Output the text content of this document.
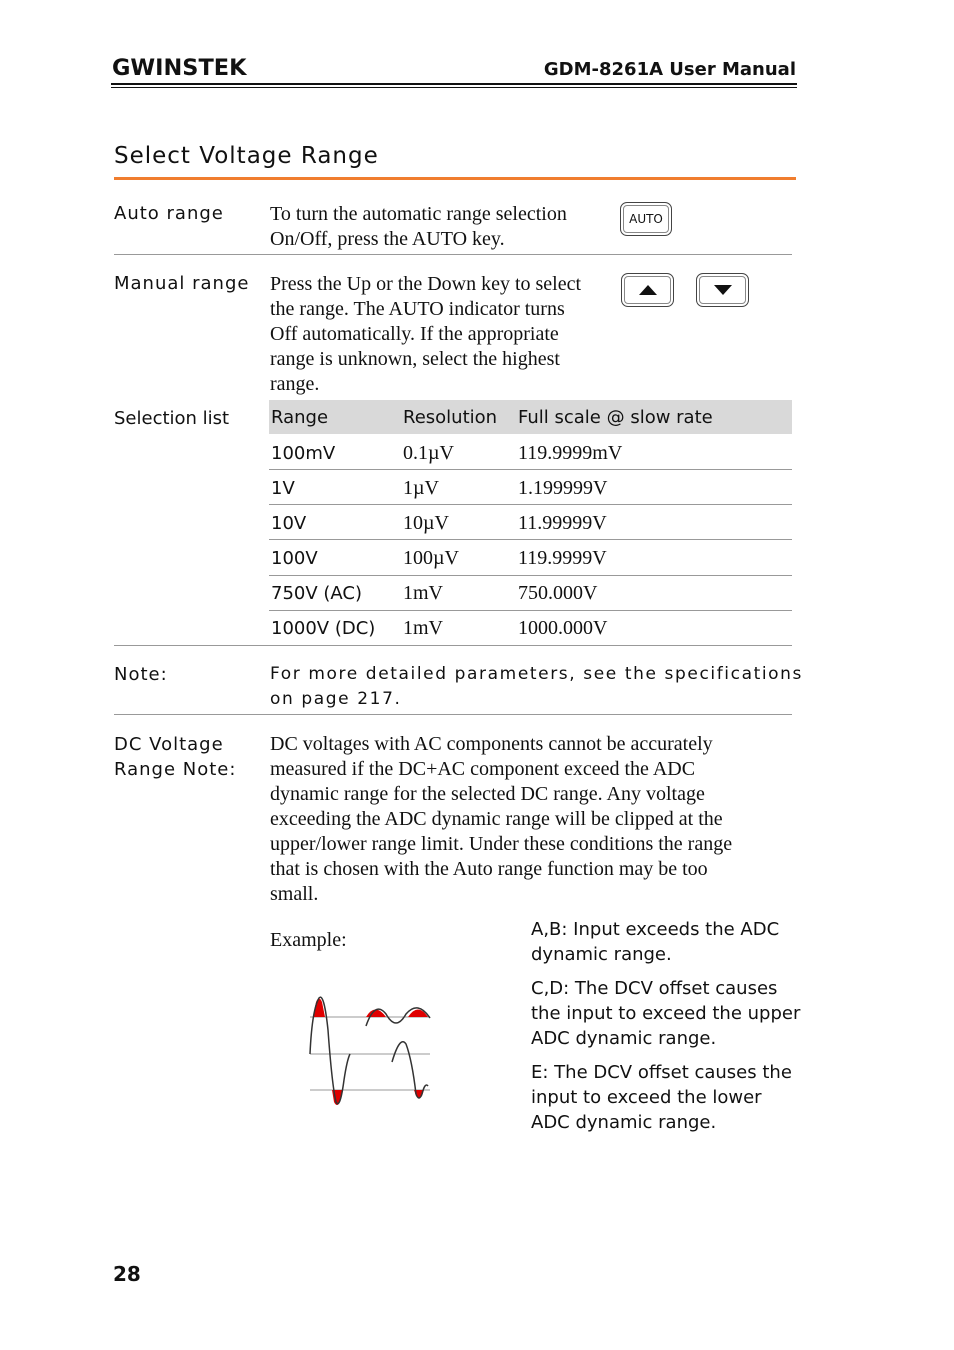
GWINSTEK	GDM-8261A User Manual
Select Voltage Range
Auto range To turn the automatic range selection
On/Off, press the AUTO key.
AUTO
Manual range Press the Up or the Down key to select
the range. The AUTO indicator turns
Off automatically. If the appropriate
range is unknown, select the highest
range.
Selection list Range	Resolution Full scale @ slow rate
100mV	0.1µV	119.9999mV
1V	1µV	1.199999V
10V	10µV	11.99999V
100V	100µV	119.9999V
750V (AC) 1mV	750.000V
1000V (DC) 1mV	1000.000V
Note:	For more detailed parameters, see the specifications
on page 217.
DC Voltage
Range Note:
DC voltages with AC components cannot be accurately
measured if the DC+AC component exceed the ADC
dynamic range for the selected DC range. Any voltage
exceeding the ADC dynamic range will be clipped at the
upper/lower range limit. Under these conditions the range
that is chosen with the Auto range function may be too
small.
Example:	A,B: Input exceeds the ADC
dynamic range.
C,D: The DCV offset causes
the input to exceed the upper
ADC dynamic range.
E: The DCV offset causes the
input to exceed the lower
ADC dynamic range.
28
